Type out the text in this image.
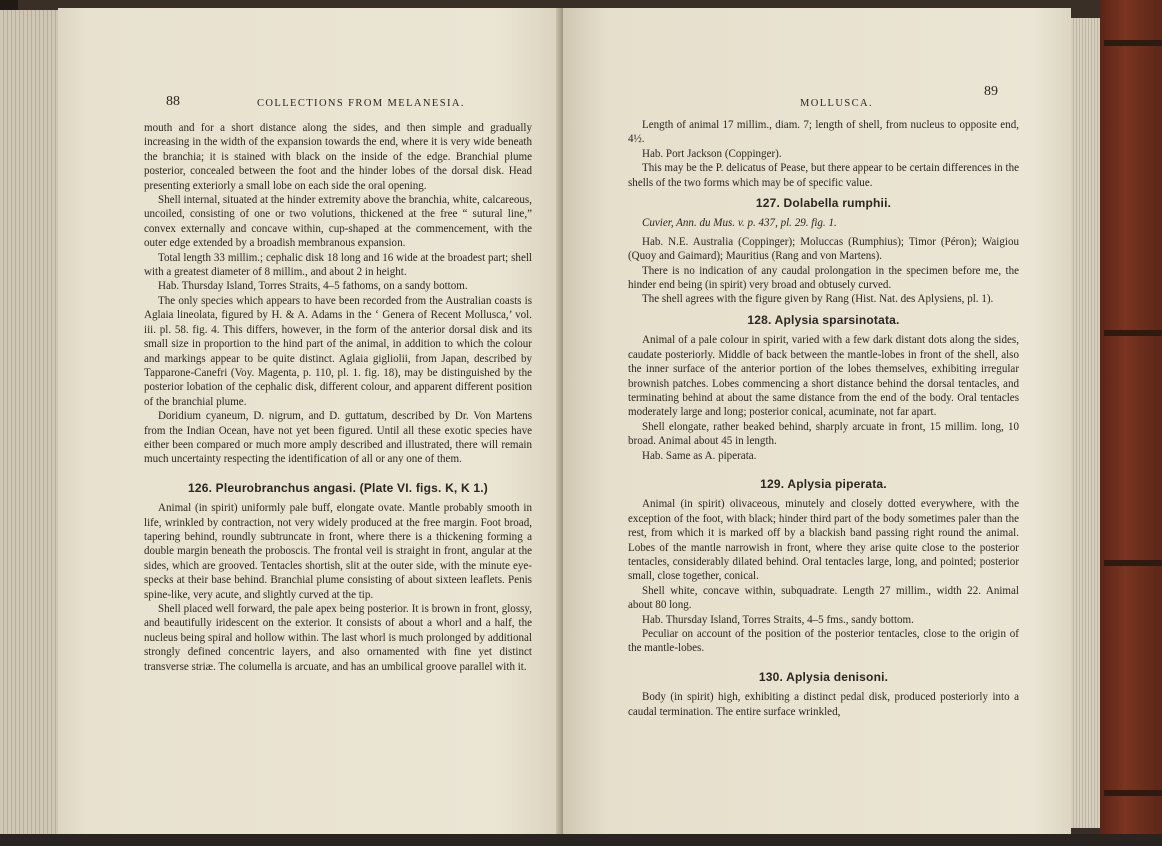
88	COLLECTIONS FROM MELANESIA.

mouth and for a short distance along the sides, and then simple and gradually increasing in the width of the expansion towards the end, where it is very wide beneath the branchia; it is stained with black on the inside of the edge. Branchial plume posterior, concealed between the foot and the hinder lobes of the dorsal disk. Head presenting exteriorly a small lobe on each side the oral opening.

Shell internal, situated at the hinder extremity above the branchia, white, calcareous, uncoiled, consisting of one or two volutions, thickened at the free “ sutural line,” convex externally and concave within, cup-shaped at the commencement, with the outer edge extended by a broadish membranous expansion.

Total length 33 millim.; cephalic disk 18 long and 16 wide at the broadest part; shell with a greatest diameter of 8 millim., and about 2 in height.

Hab. Thursday Island, Torres Straits, 4–5 fathoms, on a sandy bottom.

The only species which appears to have been recorded from the Australian coasts is Aglaia lineolata, figured by H. & A. Adams in the ‘ Genera of Recent Mollusca,’ vol. iii. pl. 58. fig. 4. This differs, however, in the form of the anterior dorsal disk and its small size in proportion to the hind part of the animal, in addition to which the colour and markings appear to be quite distinct. Aglaia gigliolii, from Japan, described by Tapparone-Canefri (Voy. Magenta, p. 110, pl. 1. fig. 18), may be distinguished by the posterior lobation of the cephalic disk, different colour, and apparent different position of the branchial plume.

Doridium cyaneum, D. nigrum, and D. guttatum, described by Dr. Von Martens from the Indian Ocean, have not yet been figured. Until all these exotic species have either been compared or much more amply described and illustrated, there will remain much uncertainty respecting the identification of all or any one of them.

126. Pleurobranchus angasi. (Plate VI. figs. K, K 1.)

Animal (in spirit) uniformly pale buff, elongate ovate. Mantle probably smooth in life, wrinkled by contraction, not very widely produced at the free margin. Foot broad, tapering behind, roundly subtruncate in front, where there is a thickening forming a double margin beneath the proboscis. The frontal veil is straight in front, angular at the sides, which are grooved. Tentacles shortish, slit at the outer side, with the minute eye-specks at their base behind. Branchial plume consisting of about sixteen leaflets. Penis spine-like, very acute, and slightly curved at the tip.

Shell placed well forward, the pale apex being posterior. It is brown in front, glossy, and beautifully iridescent on the exterior. It consists of about a whorl and a half, the nucleus being spiral and hollow within. The last whorl is much prolonged by additional strongly defined concentric layers, and also ornamented with fine yet distinct transverse striæ. The columella is arcuate, and has an umbilical groove parallel with it.

MOLLUSCA.
89

Length of animal 17 millim., diam. 7; length of shell, from nucleus to opposite end, 4½.

Hab. Port Jackson (Coppinger).

This may be the P. delicatus of Pease, but there appear to be certain differences in the shells of the two forms which may be of specific value.

127. Dolabella rumphii.

Cuvier, Ann. du Mus. v. p. 437, pl. 29. fig. 1.

Hab. N.E. Australia (Coppinger); Moluccas (Rumphius); Timor (Péron); Waigiou (Quoy and Gaimard); Mauritius (Rang and von Martens).

There is no indication of any caudal prolongation in the specimen before me, the hinder end being (in spirit) very broad and obtusely curved.

The shell agrees with the figure given by Rang (Hist. Nat. des Aplysiens, pl. 1).

128. Aplysia sparsinotata.

Animal of a pale colour in spirit, varied with a few dark distant dots along the sides, caudate posteriorly. Middle of back between the mantle-lobes in front of the shell, also the inner surface of the anterior portion of the lobes themselves, exhibiting irregular brownish patches. Lobes commencing a short distance behind the dorsal tentacles, and terminating behind at about the same distance from the end of the body. Oral tentacles moderately large and long; posterior conical, acuminate, not far apart.

Shell elongate, rather beaked behind, sharply arcuate in front, 15 millim. long, 10 broad. Animal about 45 in length.

Hab. Same as A. piperata.

129. Aplysia piperata.

Animal (in spirit) olivaceous, minutely and closely dotted everywhere, with the exception of the foot, with black; hinder third part of the body sometimes paler than the rest, from which it is marked off by a blackish band passing right round the animal. Lobes of the mantle narrowish in front, where they arise quite close to the posterior tentacles, considerably dilated behind. Oral tentacles large, long, and pointed; posterior small, close together, conical.

Shell white, concave within, subquadrate. Length 27 millim., width 22. Animal about 80 long.

Hab. Thursday Island, Torres Straits, 4–5 fms., sandy bottom.

Peculiar on account of the position of the posterior tentacles, close to the origin of the mantle-lobes.

130. Aplysia denisoni.

Body (in spirit) high, exhibiting a distinct pedal disk, produced posteriorly into a caudal termination. The entire surface wrinkled,
